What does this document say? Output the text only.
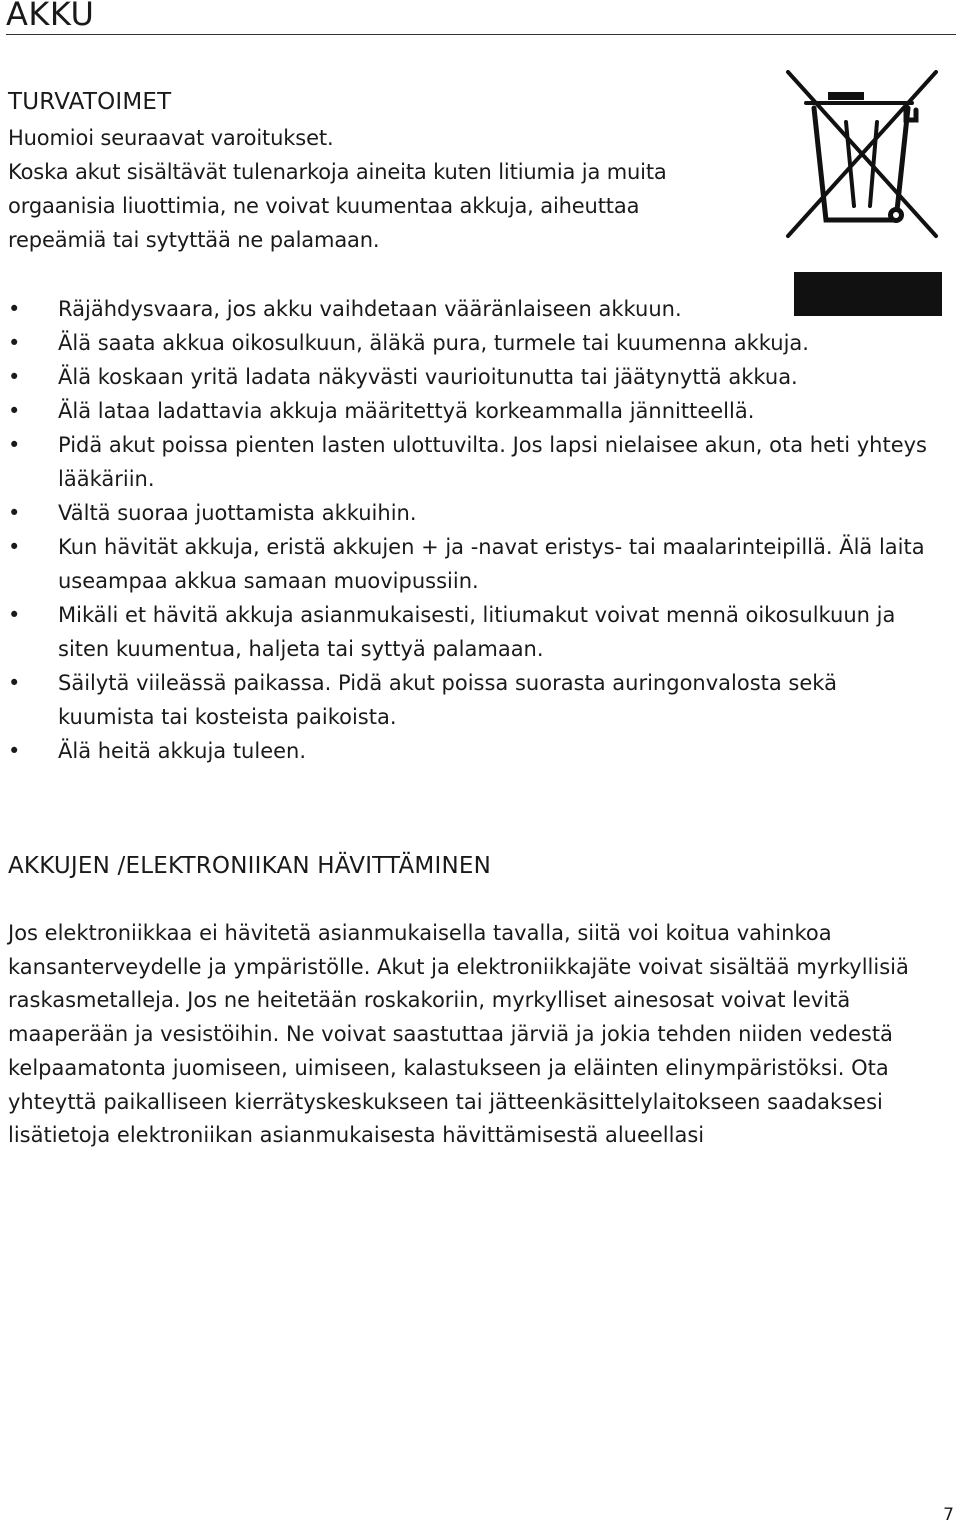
AKKU
TURVATOIMET

Huomioi seuraavat varoitukset.
Koska akut sisältävät tulenarkoja aineita kuten litiumia ja muita
orgaanisia liuottimia, ne voivat kuumentaa akkuja, aiheuttaa
repeämiä tai sytyttää ne palamaan.

•	Räjähdysvaara, jos akku vaihdetaan vääränlaiseen akkuun.
•	Älä saata akkua oikosulkuun, äläkä pura, turmele tai kuumenna akkuja.
•	Älä koskaan yritä ladata näkyvästi vaurioitunutta tai jäätynyttä akkua.
•	Älä lataa ladattavia akkuja määritettyä korkeammalla jännitteellä.
•	Pidä akut poissa pienten lasten ulottuvilta. Jos lapsi nielaisee akun, ota heti yhteys lääkäriin.
•	Vältä suoraa juottamista akkuihin.
•	Kun hävität akkuja, eristä akkujen + ja -navat eristys- tai maalarinteipillä. Älä laita useampaa akkua samaan muovipussiin.
•	Mikäli et hävitä akkuja asianmukaisesti, litiumakut voivat mennä oikosulkuun ja siten kuumentua, haljeta tai syttyä palamaan.
•	Säilytä viileässä paikassa. Pidä akut poissa suorasta auringonvalosta sekä kuumista tai kosteista paikoista.
•	Älä heitä akkuja tuleen.
AKKUJEN /ELEKTRONIIKAN HÄVITTÄMINEN

Jos elektroniikkaa ei hävitetä asianmukaisella tavalla, siitä voi koitua vahinkoa kansanterveydelle ja ympäristölle. Akut ja elektroniikkajäte voivat sisältää myrkyllisiä raskasmetalleja. Jos ne heitetään roskakoriin, myrkylliset ainesosat voivat levitä maaperään ja vesistöihin. Ne voivat saastuttaa järviä ja jokia tehden niiden vedestä kelpaamatonta juomiseen, uimiseen, kalastukseen ja eläinten elinympäristöksi. Ota yhteyttä paikalliseen kierrätyskeskukseen tai jätteenkäsittelylaitokseen saadaksesi lisätietoja elektroniikan asianmukaisesta hävittämisestä alueellasi

7
